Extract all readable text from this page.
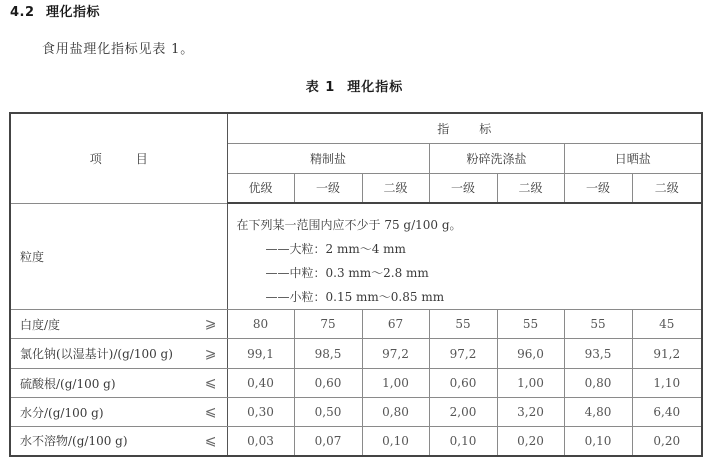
4.2 理化指标
食用盐理化指标见表 1。
表 1 理化指标
项 目	指 标						
	精制盐			粉碎洗涤盐		日晒盐	
	优级	一级	二级	一级	二级	一级	二级
粒度	在下列某一范围内应不少于 75 g/100 g。
——大粒：2 mm～4 mm
——中粒：0.3 mm～2.8 mm
——小粒：0.15 mm～0.85 mm						

白度/度 ⩾	80	75	67	55	55	55	45
氯化钠(以湿基计)/(g/100 g) ⩾	99,1	98,5	97,2	97,2	96,0	93,5	91,2
硫酸根/(g/100 g) ⩽	0,40	0,60	1,00	0,60	1,00	0,80	1,10
水分/(g/100 g) ⩽	0,30	0,50	0,80	2,00	3,20	4,80	6,40
水不溶物/(g/100 g) ⩽	0,03	0,07	0,10	0,10	0,20	0,10	0,20
